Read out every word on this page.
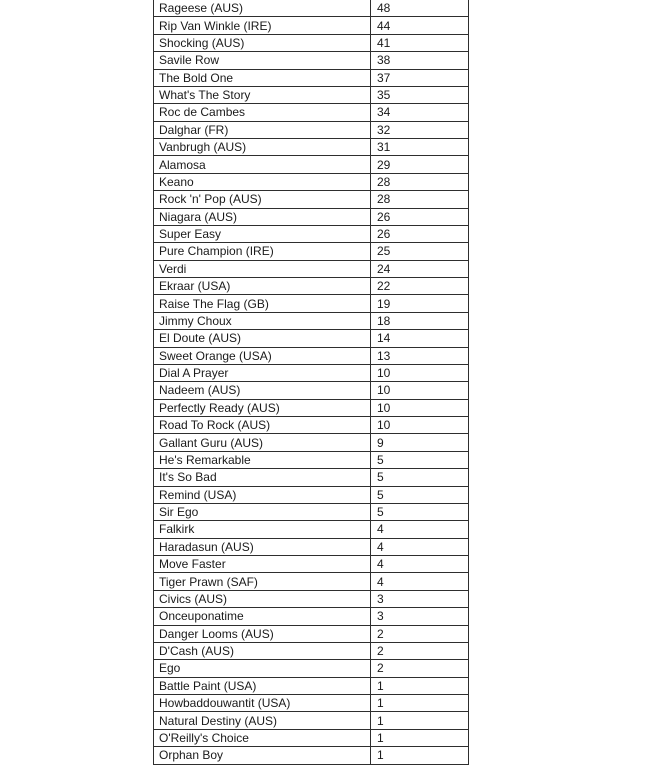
Rageese (AUS)	48
Rip Van Winkle (IRE)	44
Shocking (AUS)	41
Savile Row	38
The Bold One	37
What's The Story	35
Roc de Cambes	34
Dalghar (FR)	32
Vanbrugh (AUS)	31
Alamosa	29
Keano	28
Rock 'n' Pop (AUS)	28
Niagara (AUS)	26
Super Easy	26
Pure Champion (IRE)	25
Verdi	24
Ekraar (USA)	22
Raise The Flag (GB)	19
Jimmy Choux	18
El Doute (AUS)	14
Sweet Orange (USA)	13
Dial A Prayer	10
Nadeem (AUS)	10
Perfectly Ready (AUS)	10
Road To Rock (AUS)	10
Gallant Guru (AUS)	9
He's Remarkable	5
It's So Bad	5
Remind (USA)	5
Sir Ego	5
Falkirk	4
Haradasun (AUS)	4
Move Faster	4
Tiger Prawn (SAF)	4
Civics (AUS)	3
Onceuponatime	3
Danger Looms (AUS)	2
D'Cash (AUS)	2
Ego	2
Battle Paint (USA)	1
Howbaddouwantit (USA)	1
Natural Destiny (AUS)	1
O'Reilly's Choice	1
Orphan Boy	1
